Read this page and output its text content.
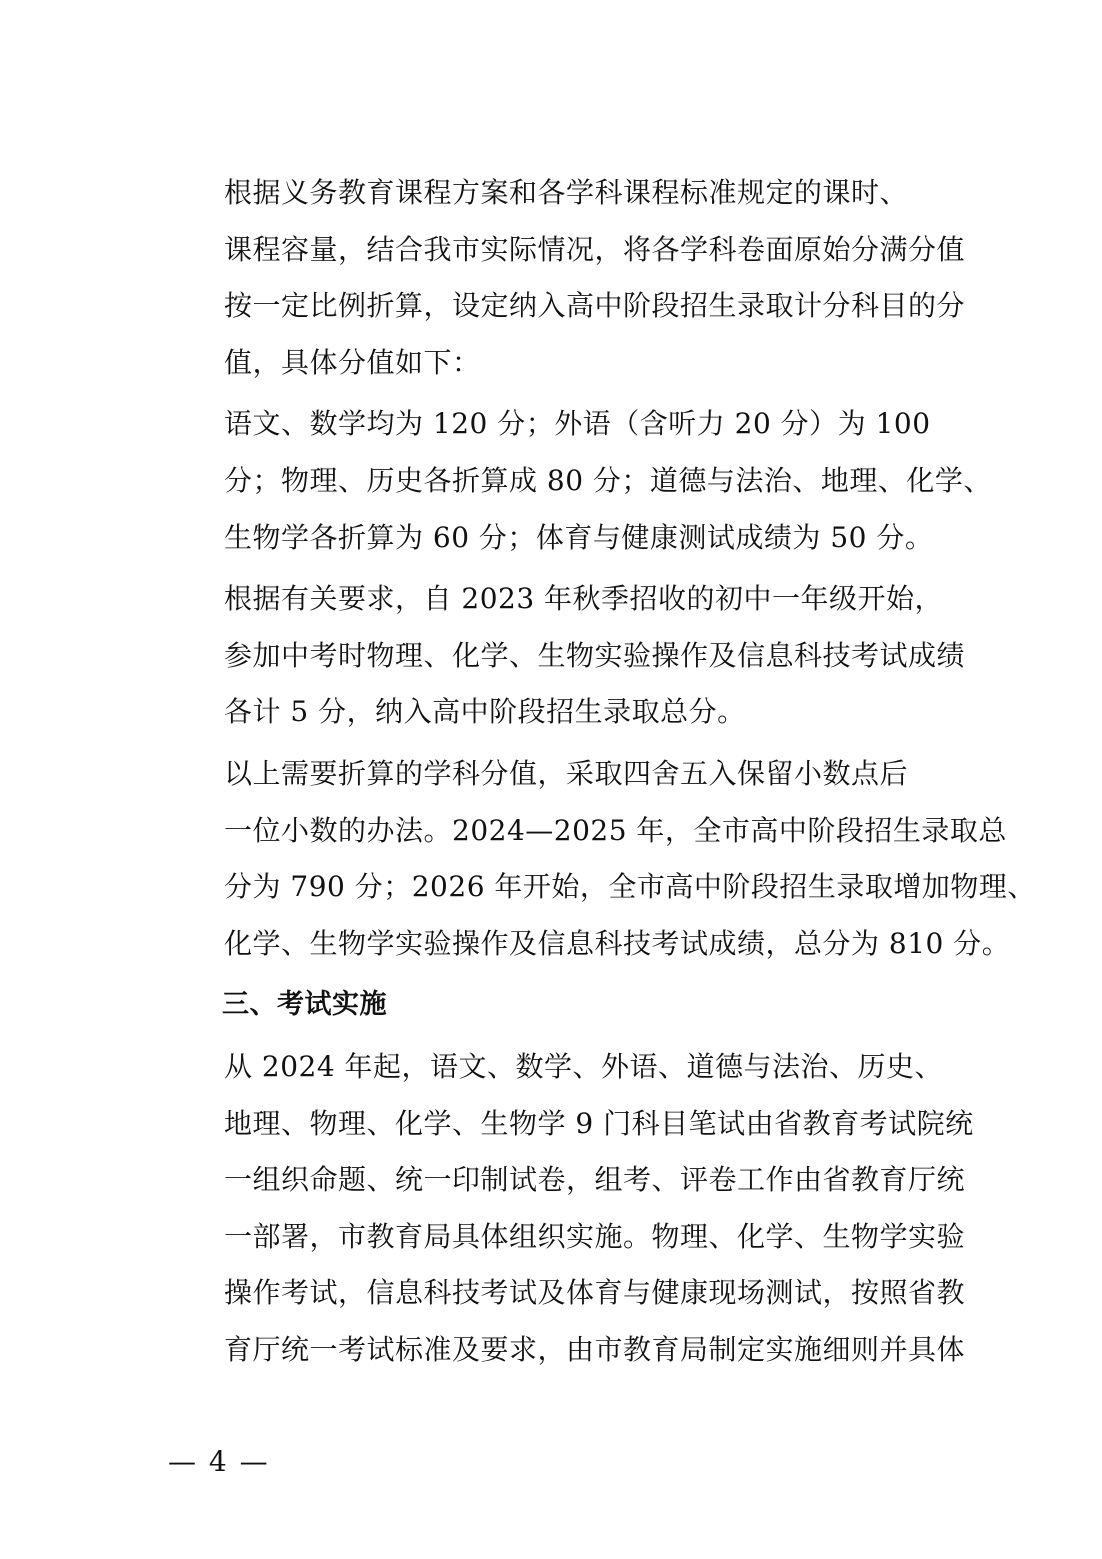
根据义务教育课程方案和各学科课程标准规定的课时、
课程容量，结合我市实际情况，将各学科卷面原始分满分值
按一定比例折算，设定纳入高中阶段招生录取计分科目的分
值，具体分值如下：

语文、数学均为 120 分；外语（含听力 20 分）为 100
分；物理、历史各折算成 80 分；道德与法治、地理、化学、
生物学各折算为 60 分；体育与健康测试成绩为 50 分。

根据有关要求，自 2023 年秋季招收的初中一年级开始，
参加中考时物理、化学、生物实验操作及信息科技考试成绩
各计 5 分，纳入高中阶段招生录取总分。

以上需要折算的学科分值，采取四舍五入保留小数点后
一位小数的办法。2024—2025 年，全市高中阶段招生录取总
分为 790 分；2026 年开始，全市高中阶段招生录取增加物理、
化学、生物学实验操作及信息科技考试成绩，总分为 810 分。

三、考试实施

从 2024 年起，语文、数学、外语、道德与法治、历史、
地理、物理、化学、生物学 9 门科目笔试由省教育考试院统
一组织命题、统一印制试卷，组考、评卷工作由省教育厅统
一部署，市教育局具体组织实施。物理、化学、生物学实验
操作考试，信息科技考试及体育与健康现场测试，按照省教
育厅统一考试标准及要求，由市教育局制定实施细则并具体

— 4 —
